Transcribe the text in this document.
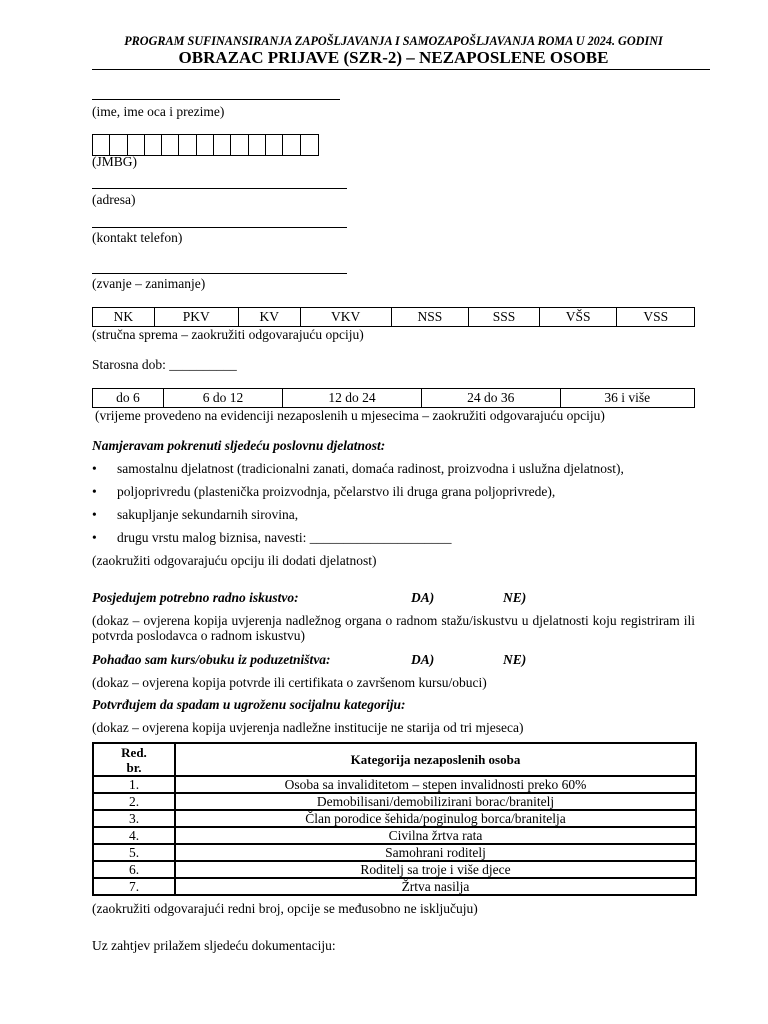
PROGRAM SUFINANSIRANJA ZAPOŠLJAVANJA I SAMOZAPOŠLJAVANJA ROMA U 2024. GODINI
OBRAZAC PRIJAVE (SZR-2) – NEZAPOSLENE OSOBE
(ime, ime oca i prezime)
(JMBG)
(adresa)
(kontakt telefon)
(zvanje – zanimanje)
NK	PKV	KV	VKV	NSS	SSS	VŠS	VSS
(stručna sprema – zaokružiti odgovarajuću opciju)
Starosna dob: __________
do 6	6 do 12	12 do 24	24 do 36	36 i više
(vrijeme provedeno na evidenciji nezaposlenih u mjesecima – zaokružiti odgovarajuću opciju)
Namjeravam pokrenuti sljedeću poslovnu djelatnost:
• samostalnu djelatnost (tradicionalni zanati, domaća radinost, proizvodna i uslužna djelatnost),
• poljoprivredu (plastenička proizvodnja, pčelarstvo ili druga grana poljoprivrede),
• sakupljanje sekundarnih sirovina,
• drugu vrstu malog biznisa, navesti: _____________________
(zaokružiti odgovarajuću opciju ili dodati djelatnost)
Posjedujem potrebno radno iskustvo:	DA)	NE)
(dokaz – ovjerena kopija uvjerenja nadležnog organa o radnom stažu/iskustvu u djelatnosti koju registriram ili potvrda poslodavca o radnom iskustvu)
Pohađao sam kurs/obuku iz poduzetništva:	DA)	NE)
(dokaz – ovjerena kopija potvrde ili certifikata o završenom kursu/obuci)
Potvrđujem da spadam u ugroženu socijalnu kategoriju:
(dokaz – ovjerena kopija uvjerenja nadležne institucije ne starija od tri mjeseca)
Red.
br.	Kategorija nezaposlenih osoba
1.	Osoba sa invaliditetom – stepen invalidnosti preko 60%
2.	Demobilisani/demobilizirani borac/branitelj
3.	Član porodice šehida/poginulog borca/branitelja
4.	Civilna žrtva rata
5.	Samohrani roditelj
6.	Roditelj sa troje i više djece
7.	Žrtva nasilja
(zaokružiti odgovarajući redni broj, opcije se međusobno ne isključuju)
Uz zahtjev prilažem sljedeću dokumentaciju:
